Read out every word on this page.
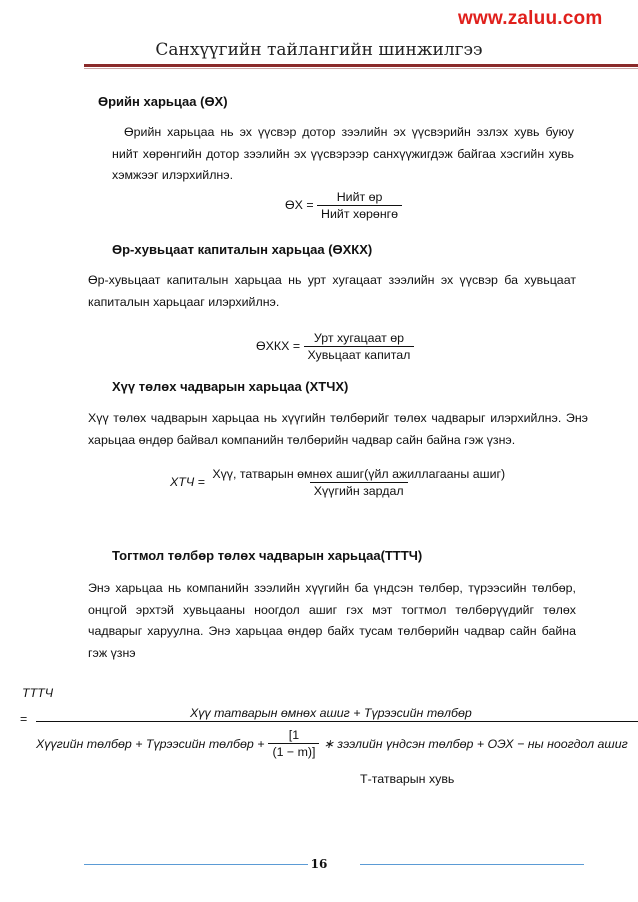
www.zaluu.com
Санхүүгийн тайлангийн шинжилгээ
Өрийн харьцаа (ӨХ)
Өрийн харьцаа нь эх үүсвэр дотор зээлийн эх үүсвэрийн эзлэх хувь буюу нийт хөрөнгийн дотор зээлийн эх үүсвэрээр санхүүжигдэж байгаа хэсгийн хувь хэмжээг илэрхийлнэ.
ӨХ = $\frac{\text{Нийт өр}}{\text{Нийт хөрөнгө}}$
Өр-хувьцаат капиталын харьцаа (ӨХКХ)
Өр-хувьцаат капиталын харьцаа нь урт хугацаат зээлийн эх үүсвэр ба хувьцаат капиталын харьцааг илэрхийлнэ.
ӨХКХ = $\frac{\text{Урт хугацаат өр}}{\text{Хувьцаат капитал}}$
Хүү төлөх чадварын харьцаа (ХТЧХ)
Хүү төлөх чадварын харьцаа нь хүүгийн төлбөрийг төлөх чадварыг илэрхийлнэ. Энэ харьцаа өндөр байвал компанийн төлбөрийн чадвар сайн байна гэж үзнэ.
ХТЧ = $\frac{\text{Хүү, татварын өмнөх ашиг(үйл ажиллагааны ашиг)}}{\text{Хүүгийн зардал}}$
Тогтмол төлбөр төлөх чадварын харьцаа(ТТТЧ)
Энэ харьцаа нь компанийн зээлийн хүүгийн ба үндсэн төлбөр, түрээсийн төлбөр, онцгой эрхтэй хувьцааны ноогдол ашиг гэх мэт тогтмол төлбөрүүдийг төлөх чадварыг харуулна. Энэ харьцаа өндөр байх тусам төлбөрийн чадвар сайн байна гэж үзнэ
ТТТЧ
=	Хүү татварын өмнөх ашиг + Түрээсийн төлбөр
Хүүгийн төлбөр + Түрээсийн төлбөр + $\frac{[1}{(1 - m)]}$ ∗ зээлийн үндсэн төлбөр + ОЭХ − ны ноогдол ашиг
Т-татварын хувь
16
